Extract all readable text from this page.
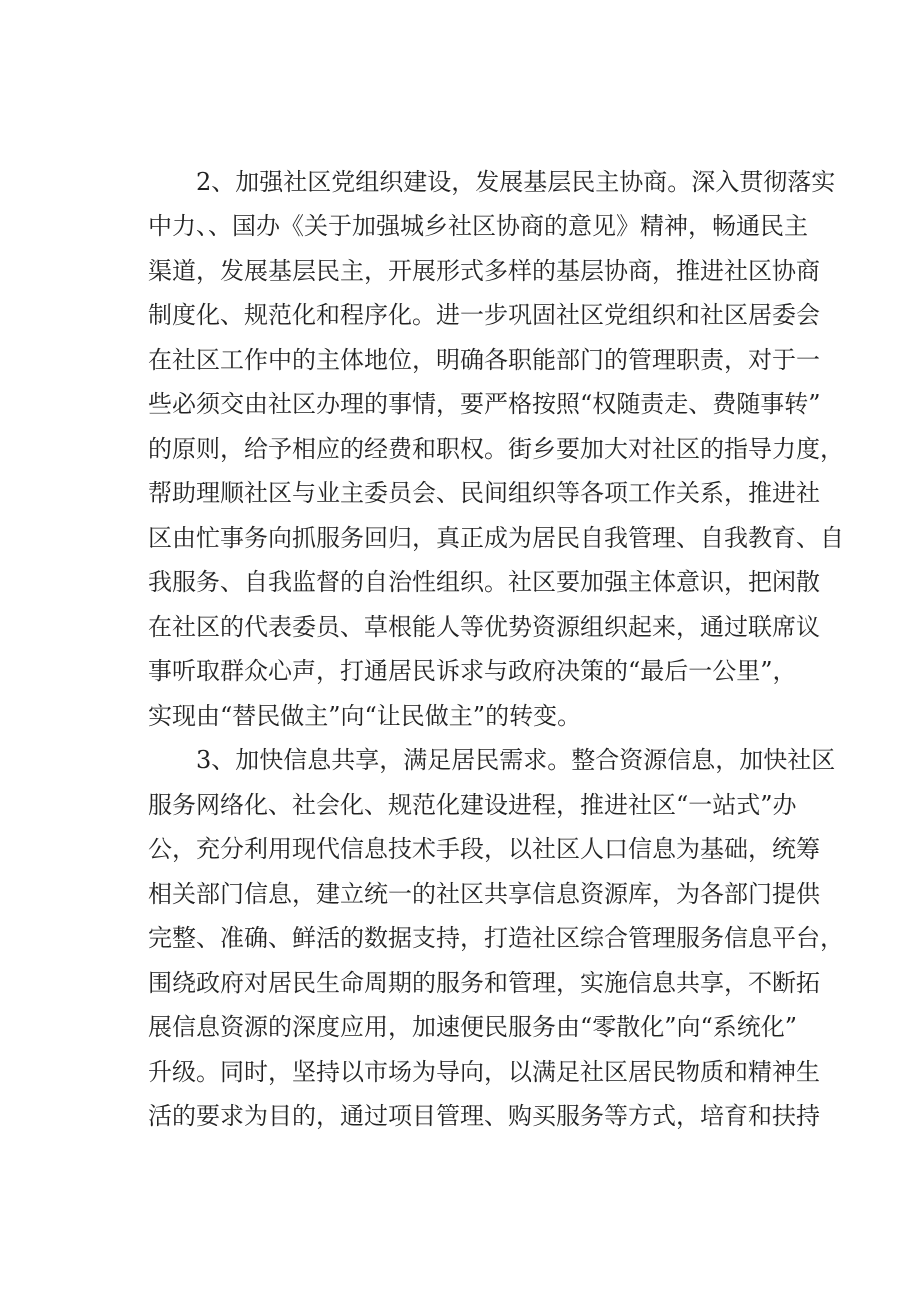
2、加强社区党组织建设，发展基层民主协商。深入贯彻落实
中力、、国办《关于加强城乡社区协商的意见》精神，畅通民主
渠道，发展基层民主，开展形式多样的基层协商，推进社区协商
制度化、规范化和程序化。进一步巩固社区党组织和社区居委会
在社区工作中的主体地位，明确各职能部门的管理职责，对于一
些必须交由社区办理的事情，要严格按照“权随责走、费随事转”
的原则，给予相应的经费和职权。街乡要加大对社区的指导力度，
帮助理顺社区与业主委员会、民间组织等各项工作关系，推进社
区由忙事务向抓服务回归，真正成为居民自我管理、自我教育、自
我服务、自我监督的自治性组织。社区要加强主体意识，把闲散
在社区的代表委员、草根能人等优势资源组织起来，通过联席议
事听取群众心声，打通居民诉求与政府决策的“最后一公里”，
实现由“替民做主”向“让民做主”的转变。
3、加快信息共享，满足居民需求。整合资源信息，加快社区
服务网络化、社会化、规范化建设进程，推进社区“一站式”办
公，充分利用现代信息技术手段，以社区人口信息为基础，统筹
相关部门信息，建立统一的社区共享信息资源库，为各部门提供
完整、准确、鲜活的数据支持，打造社区综合管理服务信息平台，
围绕政府对居民生命周期的服务和管理，实施信息共享，不断拓
展信息资源的深度应用，加速便民服务由“零散化”向“系统化”
升级。同时，坚持以市场为导向，以满足社区居民物质和精神生
活的要求为目的，通过项目管理、购买服务等方式，培育和扶持
